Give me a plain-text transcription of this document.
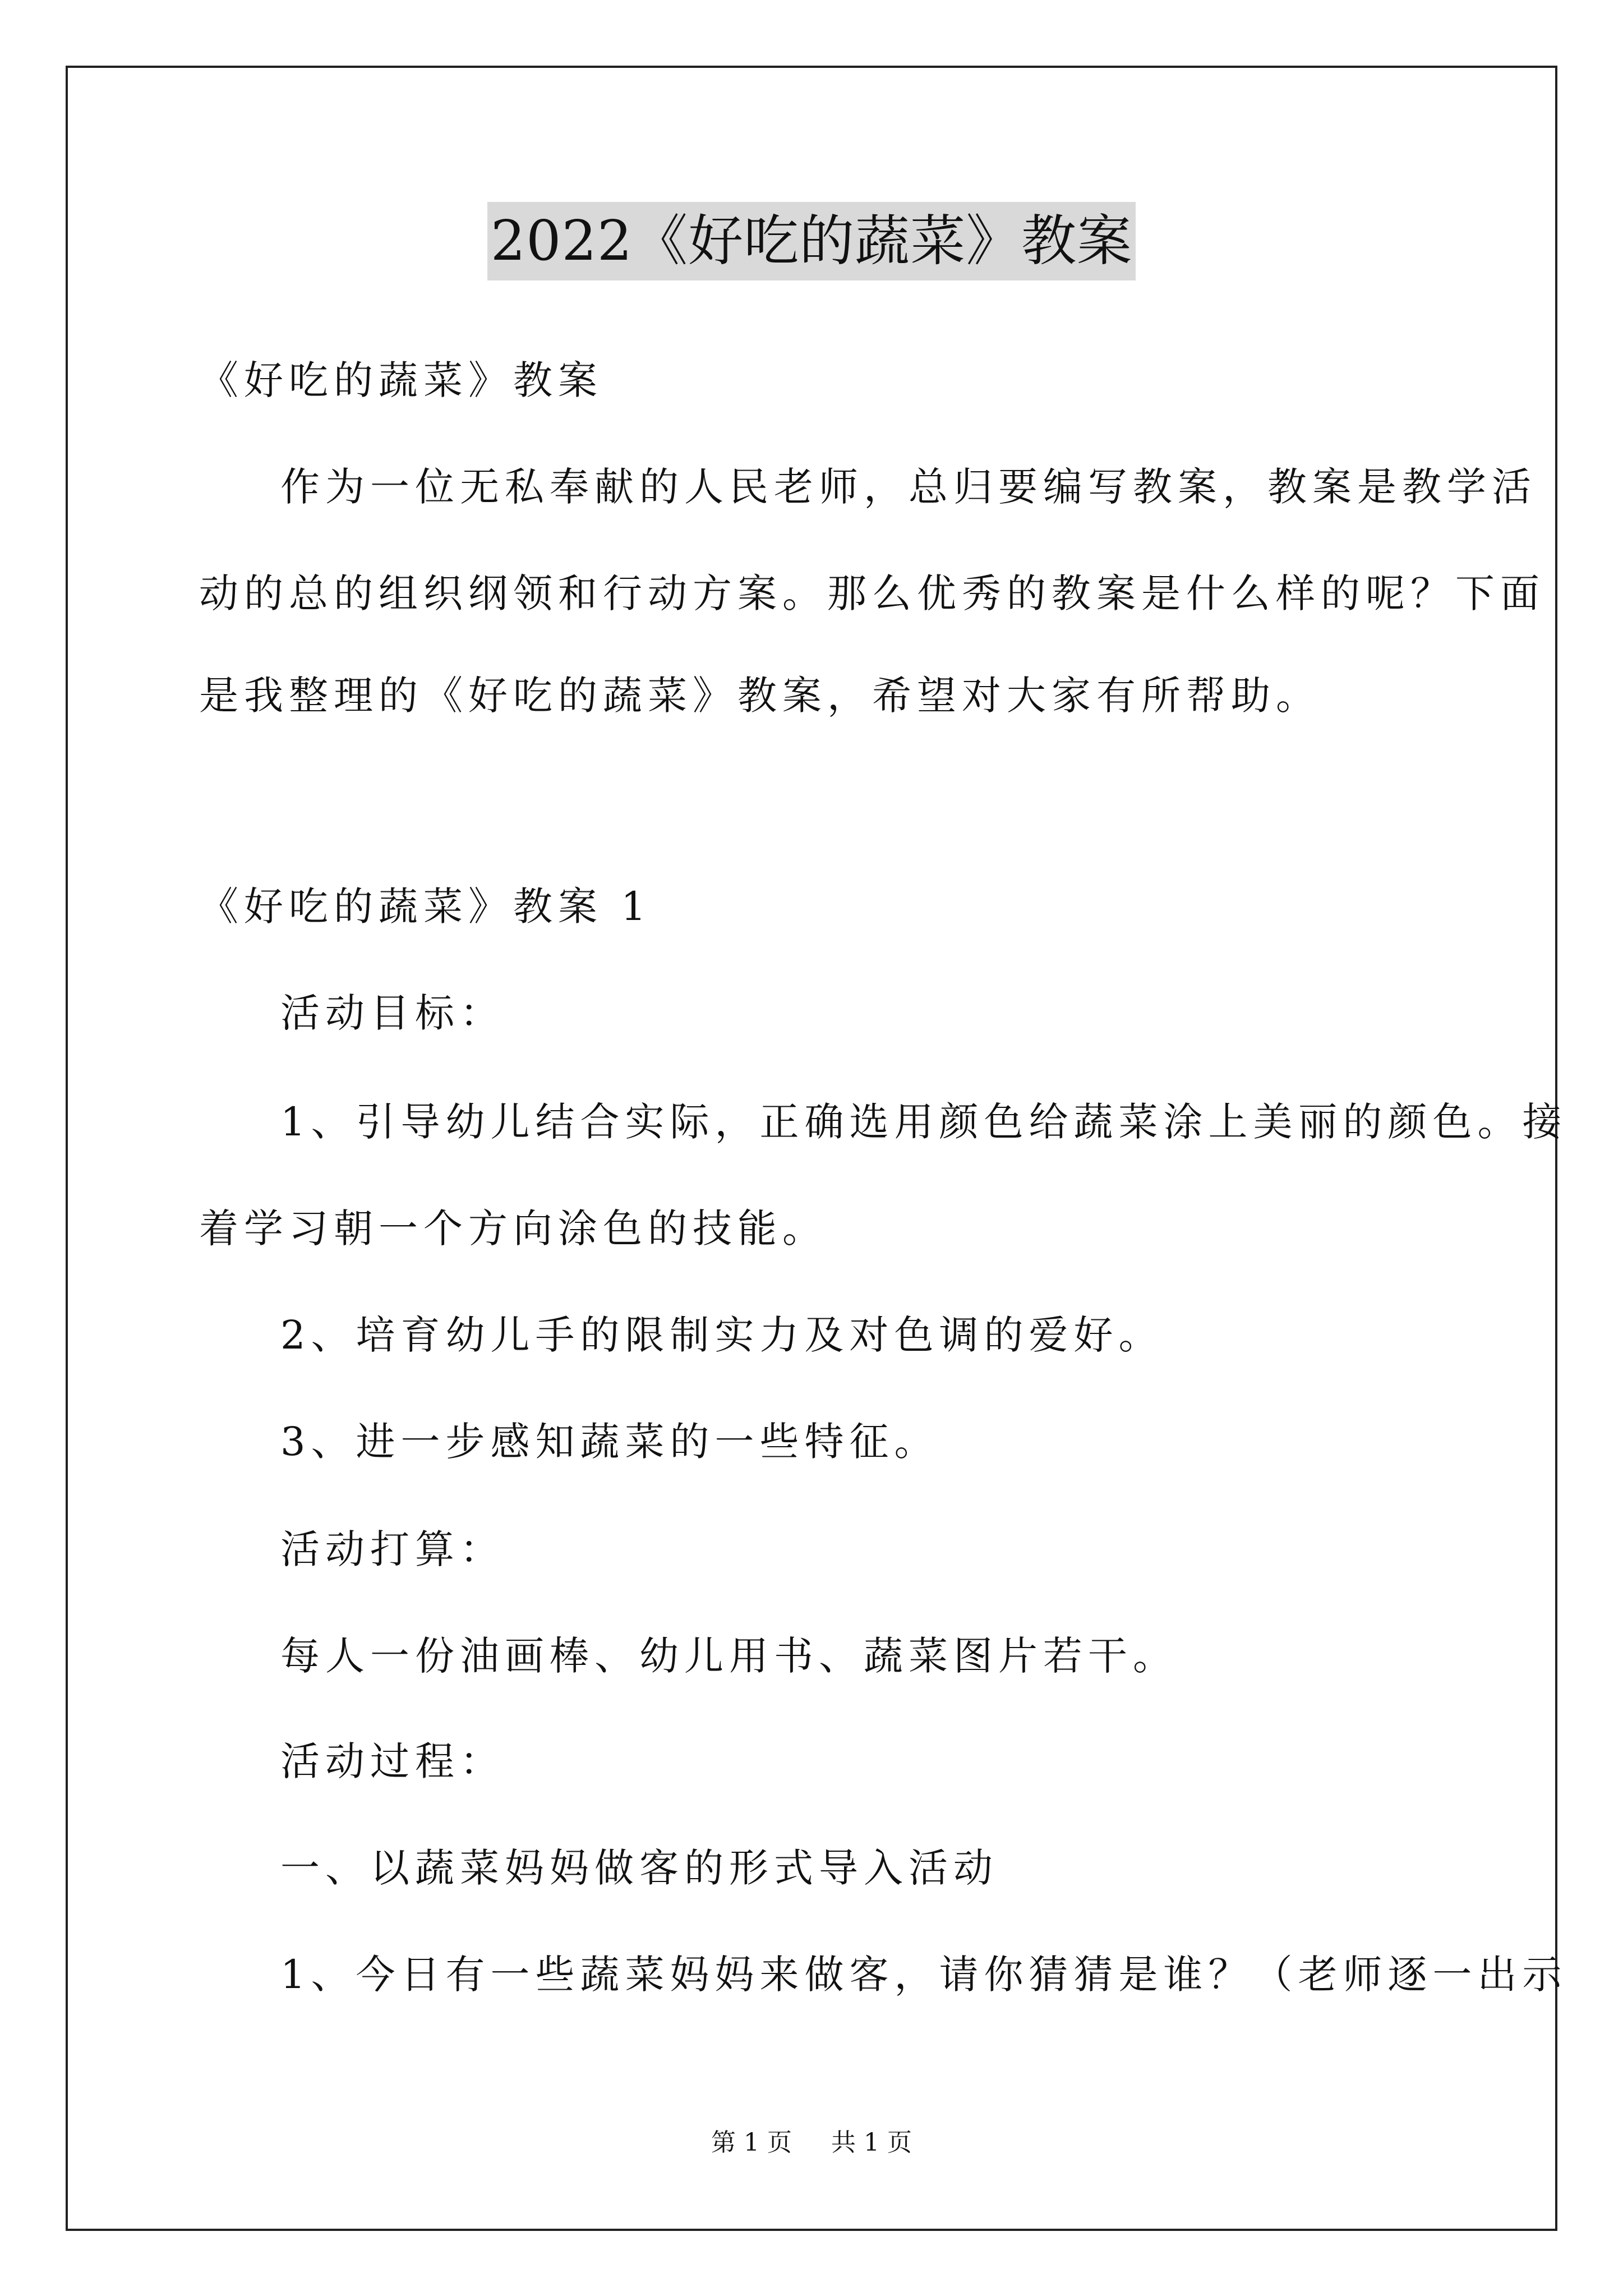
2022《好吃的蔬菜》教案
《好吃的蔬菜》教案
作为一位无私奉献的人民老师，总归要编写教案，教案是教学活
动的总的组织纲领和行动方案。那么优秀的教案是什么样的呢？下面
是我整理的《好吃的蔬菜》教案，希望对大家有所帮助。
《好吃的蔬菜》教案 1
活动目标：
1、引导幼儿结合实际，正确选用颜色给蔬菜涂上美丽的颜色。接
着学习朝一个方向涂色的技能。
2、培育幼儿手的限制实力及对色调的爱好。
3、进一步感知蔬菜的一些特征。
活动打算：
每人一份油画棒、幼儿用书、蔬菜图片若干。
活动过程：
一、以蔬菜妈妈做客的形式导入活动
1、今日有一些蔬菜妈妈来做客，请你猜猜是谁？（老师逐一出示
第 1 页 共 1 页
